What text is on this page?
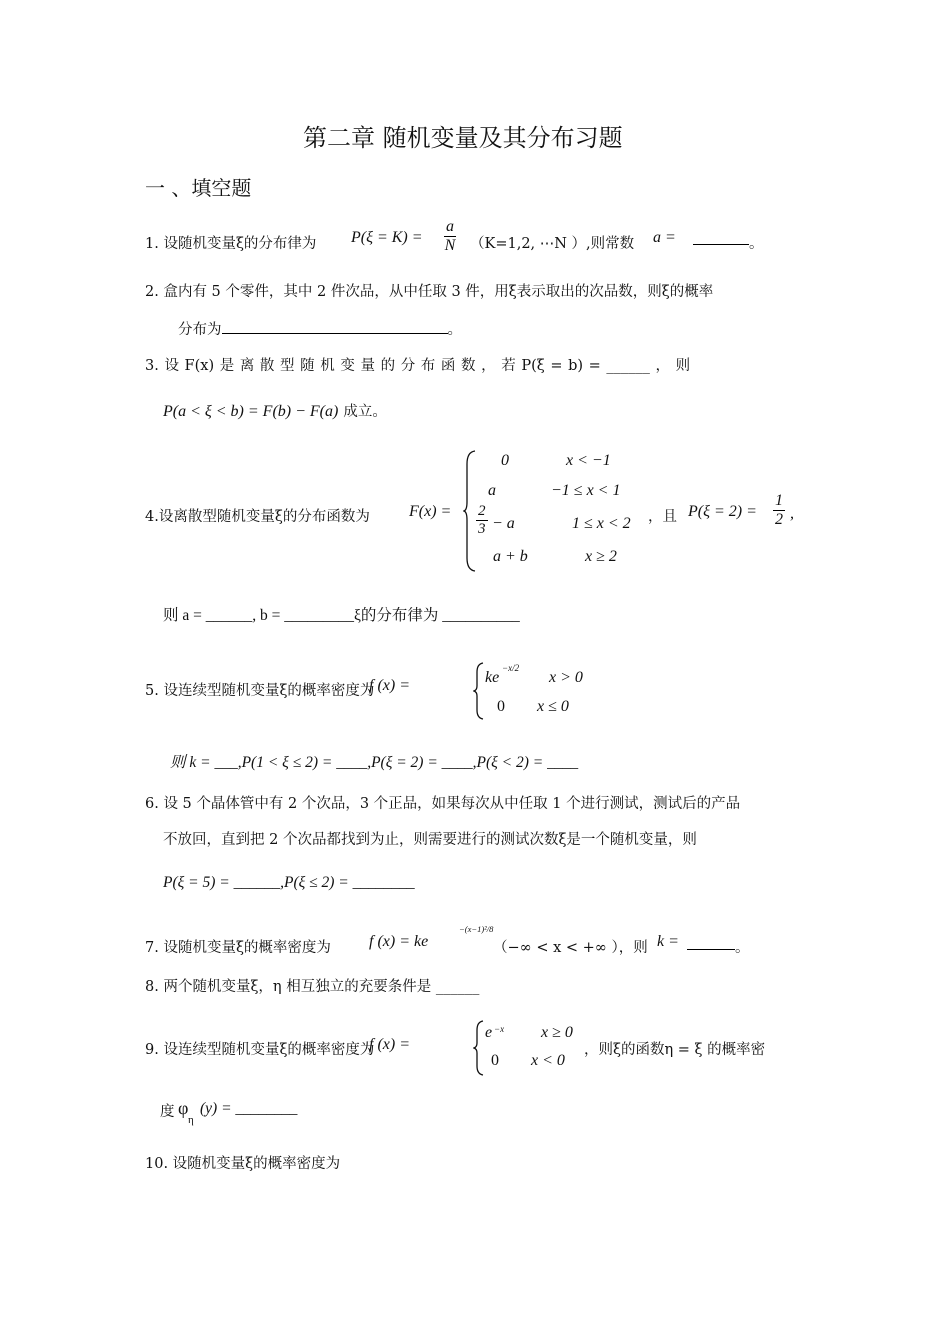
第二章 随机变量及其分布习题
一 、填空题
1. 设随机变量ξ的分布律为 $P(\xi = K) = \frac{a}{N} (K=1,2$, ⋯N ）,则常数 a =	。
2. 盒内有 5 个零件，其中 2 件次品，从中任取 3 件，用ξ表示取出的次品数，则ξ的概率
分布为	。
3. 设 F(x) 是 离 散 型 随 机 变 量 的 分 布 函 数 ， 若 P(ξ = b) = ______ ， 则
P(a < ξ < b) = F(b) − F(a) 成立。
4.设离散型随机变量ξ的分布函数为 F(x) =
0	x < −1
a	−1 ≤ x < 1
$\frac{2}{3} - a$	1 ≤ x < 2
a + b	x ≥ 2
，且 $P(\xi = 2) = \frac{1}{2}$ ,
则 a = ______, b = _________ξ的分布律为 __________
5. 设连续型随机变量ξ的概率密度为
f (x) =	ke
−x/2
x > 0
0 x ≤ 0
则 k = ___,P(1 < ξ ≤ 2) = ____,P(ξ = 2) = ____,P(ξ < 2) = ____
6. 设 5 个晶体管中有 2 个次品，3 个正品，如果每次从中任取 1 个进行测试，测试后的产品
不放回，直到把 2 个次品都找到为止，则需要进行的测试次数ξ是一个随机变量，则
P(ξ = 5) = ______,P(ξ ≤ 2) = ________
7. 设随机变量ξ的概率密度为 f (x) = ke
−(x−1)²/8
（−∞ < x < +∞ ），则 k =	。
8. 两个随机变量ξ，η 相互独立的充要条件是 ______
9. 设连续型随机变量ξ的概率密度为
f (x) =
e −x x ≥ 0
0 x < 0
，则ξ的函数η = ξ 的概率密
度 φ
η
(y) = ________
10. 设随机变量ξ的概率密度为
